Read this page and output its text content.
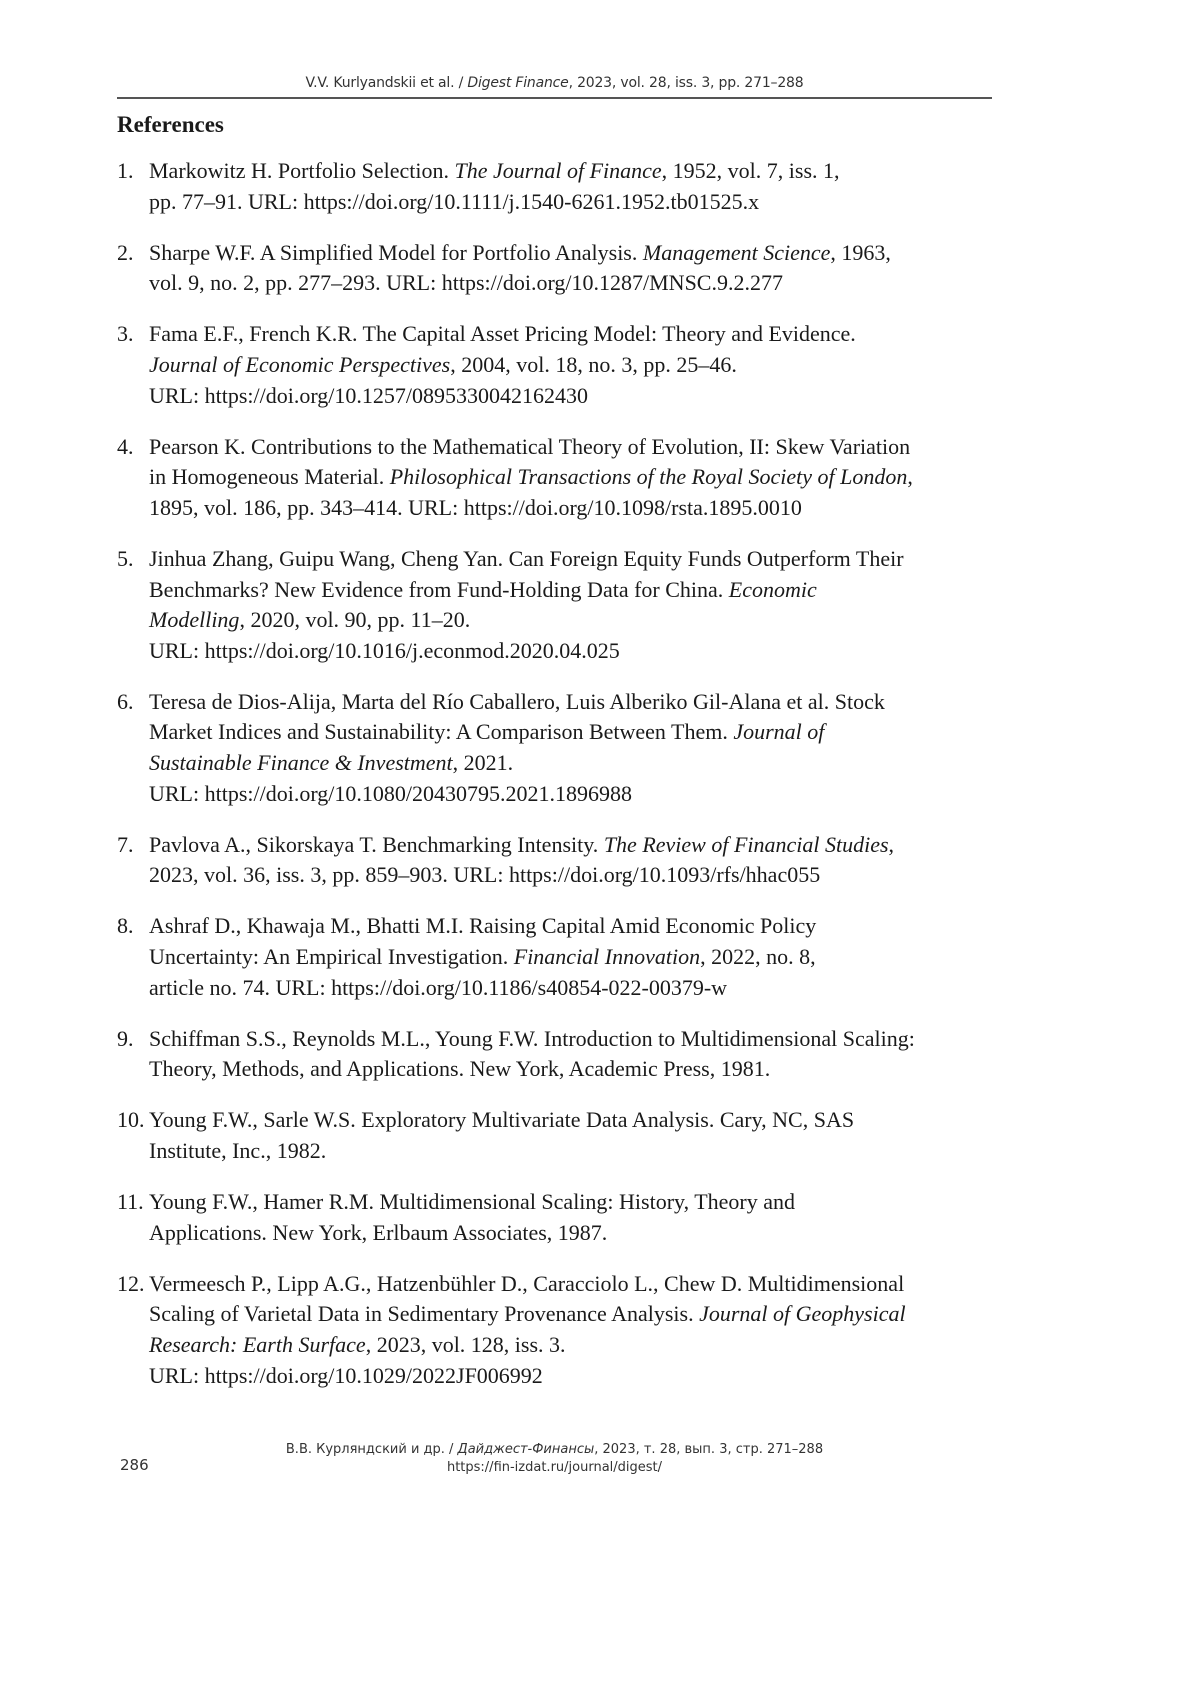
V.V. Kurlyandskii et al. / Digest Finance, 2023, vol. 28, iss. 3, pp. 271–288
References
1. Markowitz H. Portfolio Selection. The Journal of Finance, 1952, vol. 7, iss. 1,
pp. 77–91. URL: https://doi.org/10.1111/j.1540-6261.1952.tb01525.x
2. Sharpe W.F. A Simplified Model for Portfolio Analysis. Management Science, 1963,
vol. 9, no. 2, pp. 277–293. URL: https://doi.org/10.1287/MNSC.9.2.277
3. Fama E.F., French K.R. The Capital Asset Pricing Model: Theory and Evidence.
Journal of Economic Perspectives, 2004, vol. 18, no. 3, pp. 25–46.
URL: https://doi.org/10.1257/0895330042162430
4. Pearson K. Contributions to the Mathematical Theory of Evolution, II: Skew Variation
in Homogeneous Material. Philosophical Transactions of the Royal Society of London,
1895, vol. 186, pp. 343–414. URL: https://doi.org/10.1098/rsta.1895.0010
5. Jinhua Zhang, Guipu Wang, Cheng Yan. Can Foreign Equity Funds Outperform Their
Benchmarks? New Evidence from Fund-Holding Data for China. Economic
Modelling, 2020, vol. 90, pp. 11–20.
URL: https://doi.org/10.1016/j.econmod.2020.04.025
6. Teresa de Dios-Alija, Marta del Río Caballero, Luis Alberiko Gil-Alana et al. Stock
Market Indices and Sustainability: A Comparison Between Them. Journal of
Sustainable Finance & Investment, 2021.
URL: https://doi.org/10.1080/20430795.2021.1896988
7. Pavlova A., Sikorskaya T. Benchmarking Intensity. The Review of Financial Studies,
2023, vol. 36, iss. 3, pp. 859–903. URL: https://doi.org/10.1093/rfs/hhac055
8. Ashraf D., Khawaja M., Bhatti M.I. Raising Capital Amid Economic Policy
Uncertainty: An Empirical Investigation. Financial Innovation, 2022, no. 8,
article no. 74. URL: https://doi.org/10.1186/s40854-022-00379-w
9. Schiffman S.S., Reynolds M.L., Young F.W. Introduction to Multidimensional Scaling:
Theory, Methods, and Applications. New York, Academic Press, 1981.
10. Young F.W., Sarle W.S. Exploratory Multivariate Data Analysis. Cary, NC, SAS
Institute, Inc., 1982.
11. Young F.W., Hamer R.M. Multidimensional Scaling: History, Theory and
Applications. New York, Erlbaum Associates, 1987.
12. Vermeesch P., Lipp A.G., Hatzenbühler D., Caracciolo L., Chew D. Multidimensional
Scaling of Varietal Data in Sedimentary Provenance Analysis. Journal of Geophysical
Research: Earth Surface, 2023, vol. 128, iss. 3.
URL: https://doi.org/10.1029/2022JF006992
286
В.В. Курляндский и др. / Дайджест-Финансы, 2023, т. 28, вып. 3, стр. 271–288
https://fin-izdat.ru/journal/digest/
